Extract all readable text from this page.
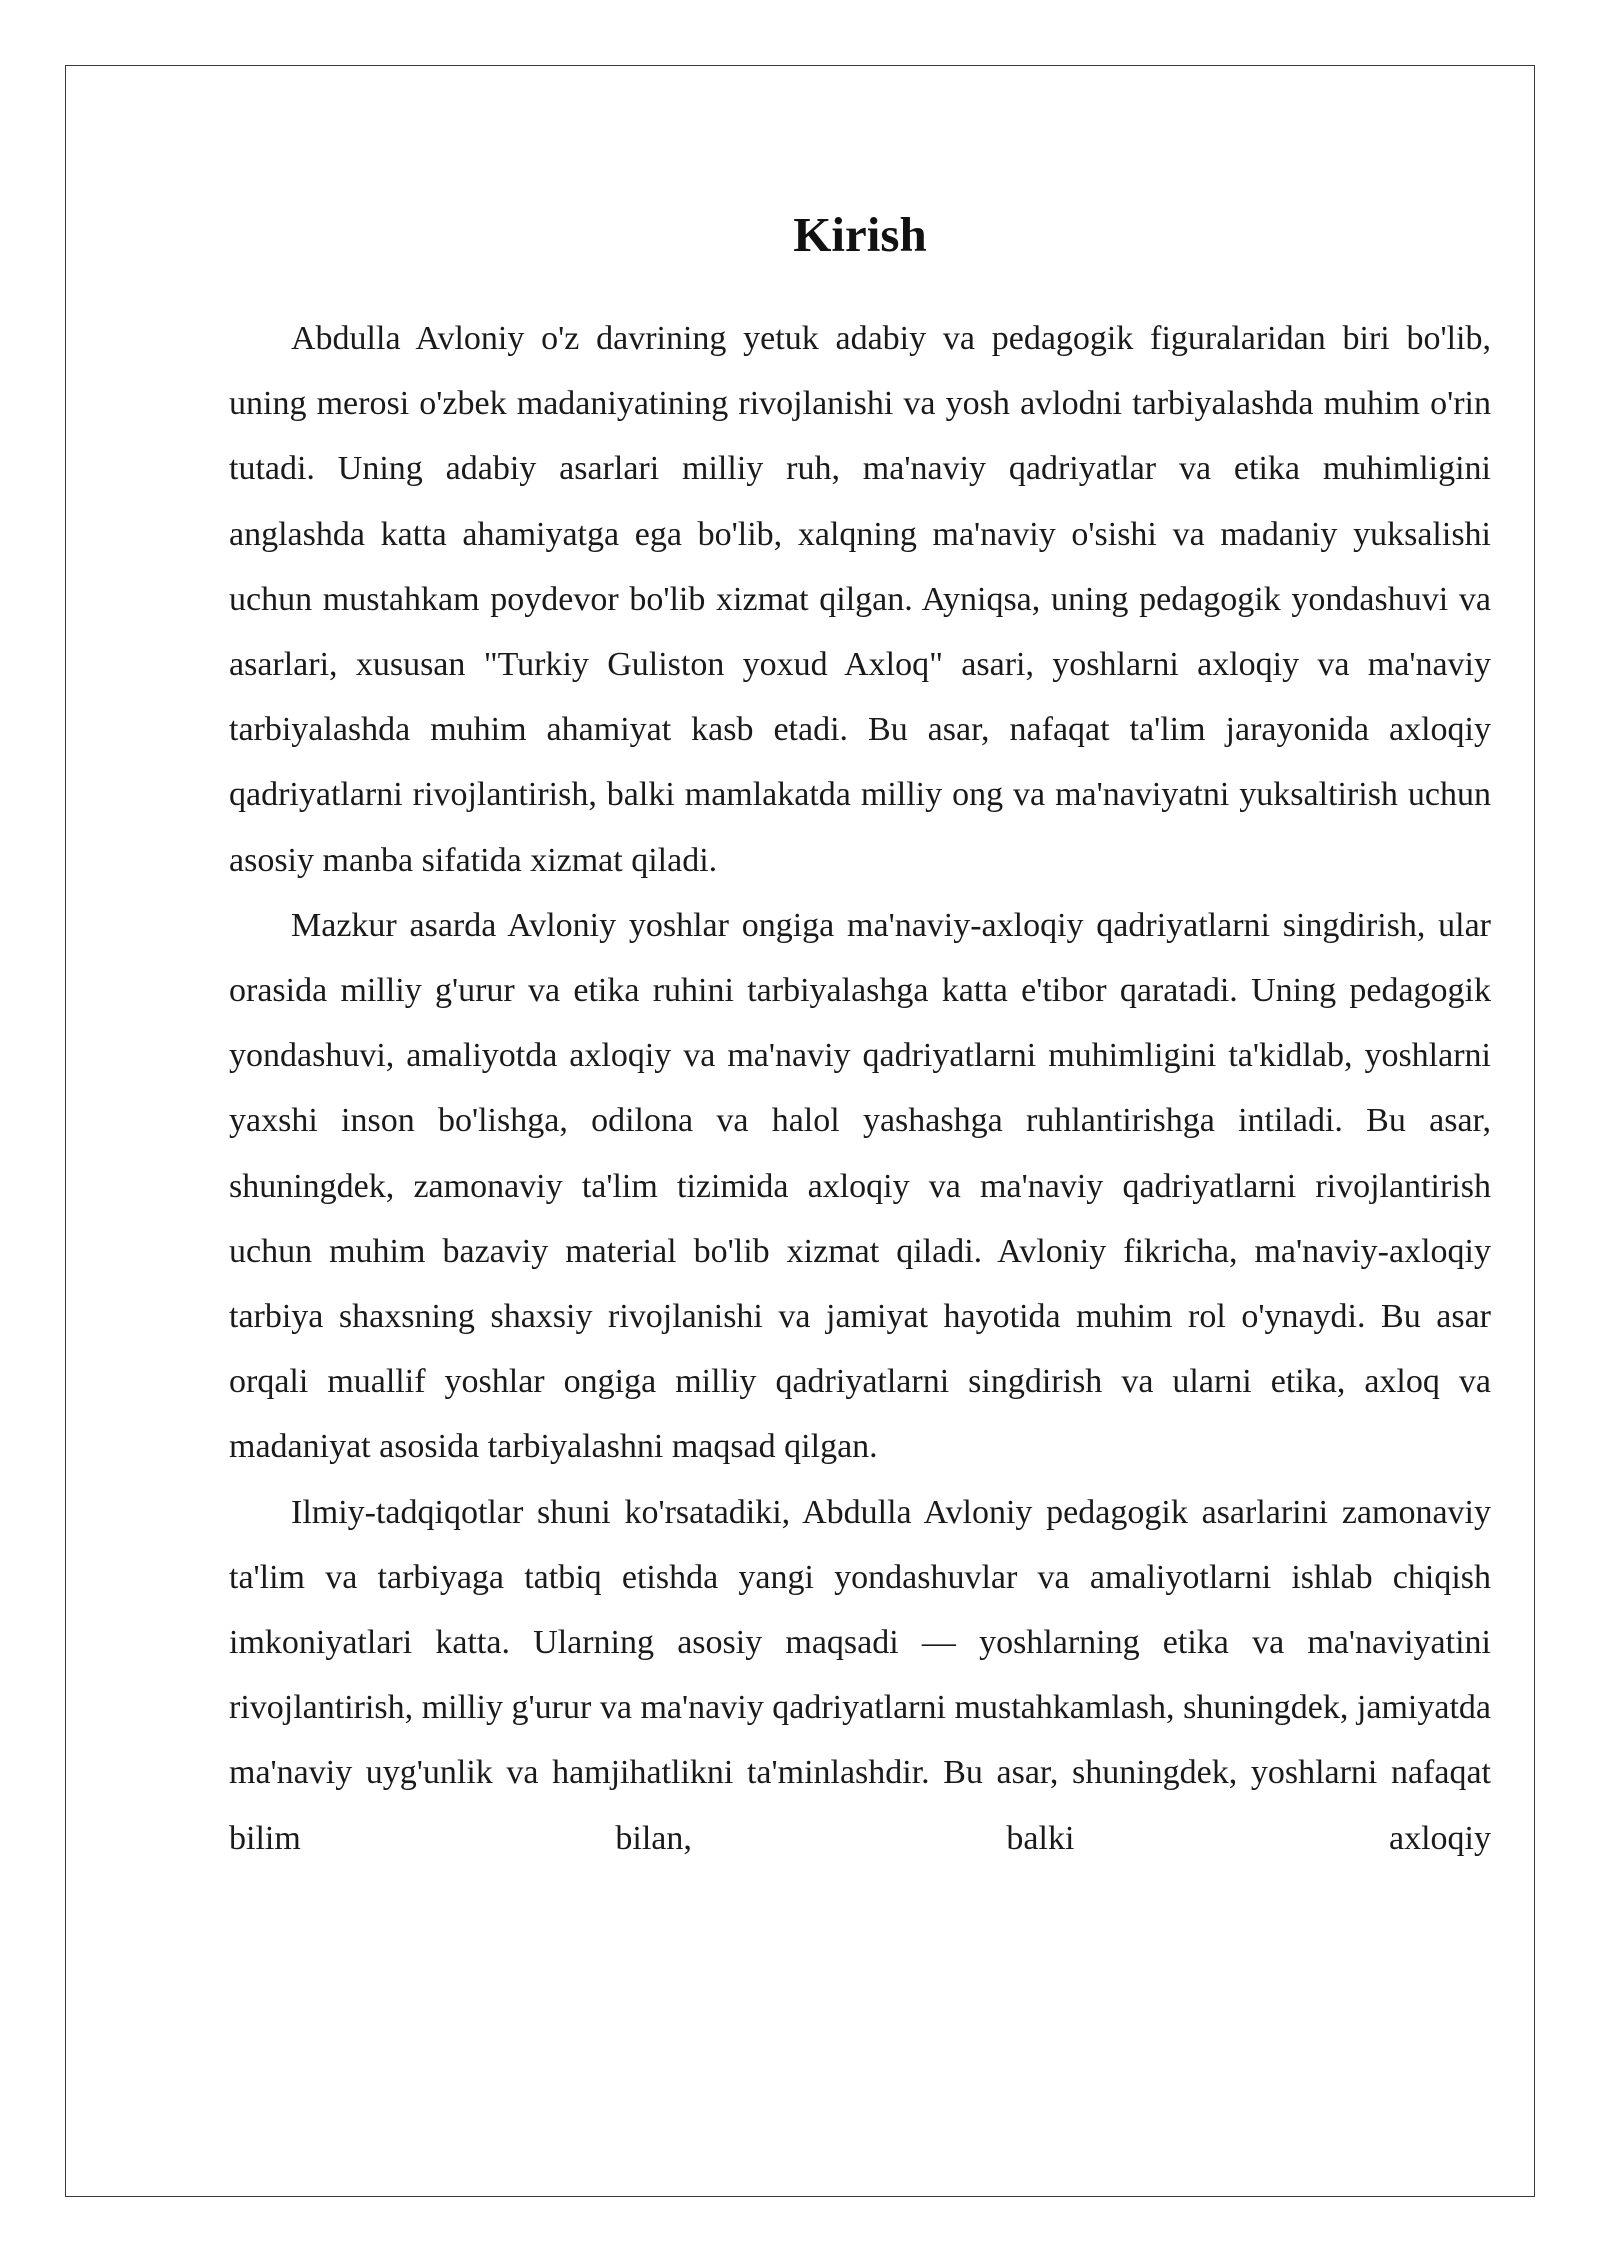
Kirish

Abdulla Avloniy o'z davrining yetuk adabiy va pedagogik figuralaridan biri bo'lib, uning merosi o'zbek madaniyatining rivojlanishi va yosh avlodni tarbiyalashda muhim o'rin tutadi. Uning adabiy asarlari milliy ruh, ma'naviy qadriyatlar va etika muhimligini anglashda katta ahamiyatga ega bo'lib, xalqning ma'naviy o'sishi va madaniy yuksalishi uchun mustahkam poydevor bo'lib xizmat qilgan. Ayniqsa, uning pedagogik yondashuvi va asarlari, xususan "Turkiy Guliston yoxud Axloq" asari, yoshlarni axloqiy va ma'naviy tarbiyalashda muhim ahamiyat kasb etadi. Bu asar, nafaqat ta'lim jarayonida axloqiy qadriyatlarni rivojlantirish, balki mamlakatda milliy ong va ma'naviyatni yuksaltirish uchun asosiy manba sifatida xizmat qiladi.

Mazkur asarda Avloniy yoshlar ongiga ma'naviy-axloqiy qadriyatlarni singdirish, ular orasida milliy g'urur va etika ruhini tarbiyalashga katta e'tibor qaratadi. Uning pedagogik yondashuvi, amaliyotda axloqiy va ma'naviy qadriyatlarni muhimligini ta'kidlab, yoshlarni yaxshi inson bo'lishga, odilona va halol yashashga ruhlantirishga intiladi. Bu asar, shuningdek, zamonaviy ta'lim tizimida axloqiy va ma'naviy qadriyatlarni rivojlantirish uchun muhim bazaviy material bo'lib xizmat qiladi. Avloniy fikricha, ma'naviy-axloqiy tarbiya shaxsning shaxsiy rivojlanishi va jamiyat hayotida muhim rol o'ynaydi. Bu asar orqali muallif yoshlar ongiga milliy qadriyatlarni singdirish va ularni etika, axloq va madaniyat asosida tarbiyalashni maqsad qilgan.

Ilmiy-tadqiqotlar shuni ko'rsatadiki, Abdulla Avloniy pedagogik asarlarini zamonaviy ta'lim va tarbiyaga tatbiq etishda yangi yondashuvlar va amaliyotlarni ishlab chiqish imkoniyatlari katta. Ularning asosiy maqsadi — yoshlarning etika va ma'naviyatini rivojlantirish, milliy g'urur va ma'naviy qadriyatlarni mustahkamlash, shuningdek, jamiyatda ma'naviy uyg'unlik va hamjihatlikni ta'minlashdir. Bu asar, shuningdek, yoshlarni nafaqat bilim bilan, balki axloqiy
